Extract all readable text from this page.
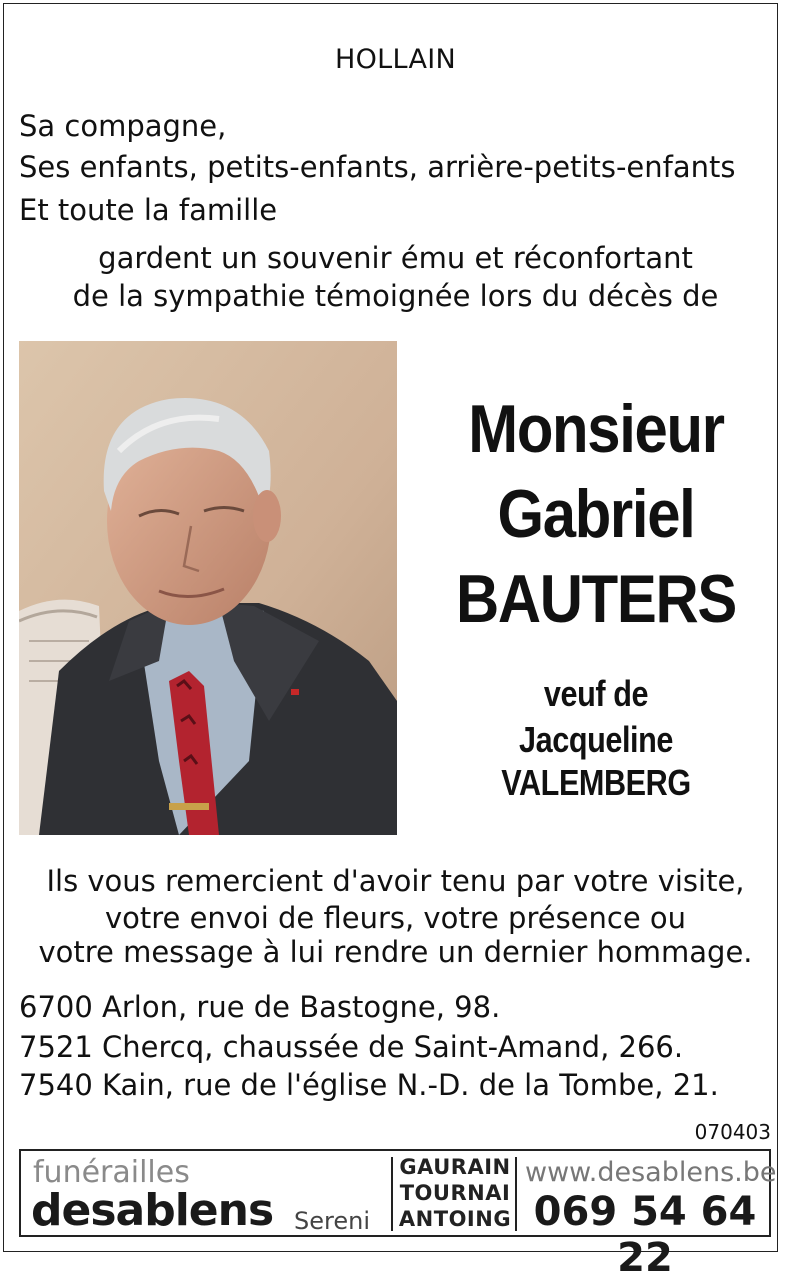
HOLLAIN
Sa compagne,
Ses enfants, petits-enfants, arrière-petits-enfants
Et toute la famille
gardent un souvenir ému et réconfortant
de la sympathie témoignée lors du décès de
Monsieur
Gabriel
BAUTERS
veuf de
Jacqueline
VALEMBERG
Ils vous remercient d'avoir tenu par votre visite,
votre envoi de fleurs, votre présence ou
votre message à lui rendre un dernier hommage.
6700 Arlon, rue de Bastogne, 98.
7521 Chercq, chaussée de Saint-Amand, 266.
7540 Kain, rue de l'église N.-D. de la Tombe, 21.
070403
funérailles
desablens Sereni
GAURAIN
TOURNAI
ANTOING
www.desablens.be
069 54 64 22
